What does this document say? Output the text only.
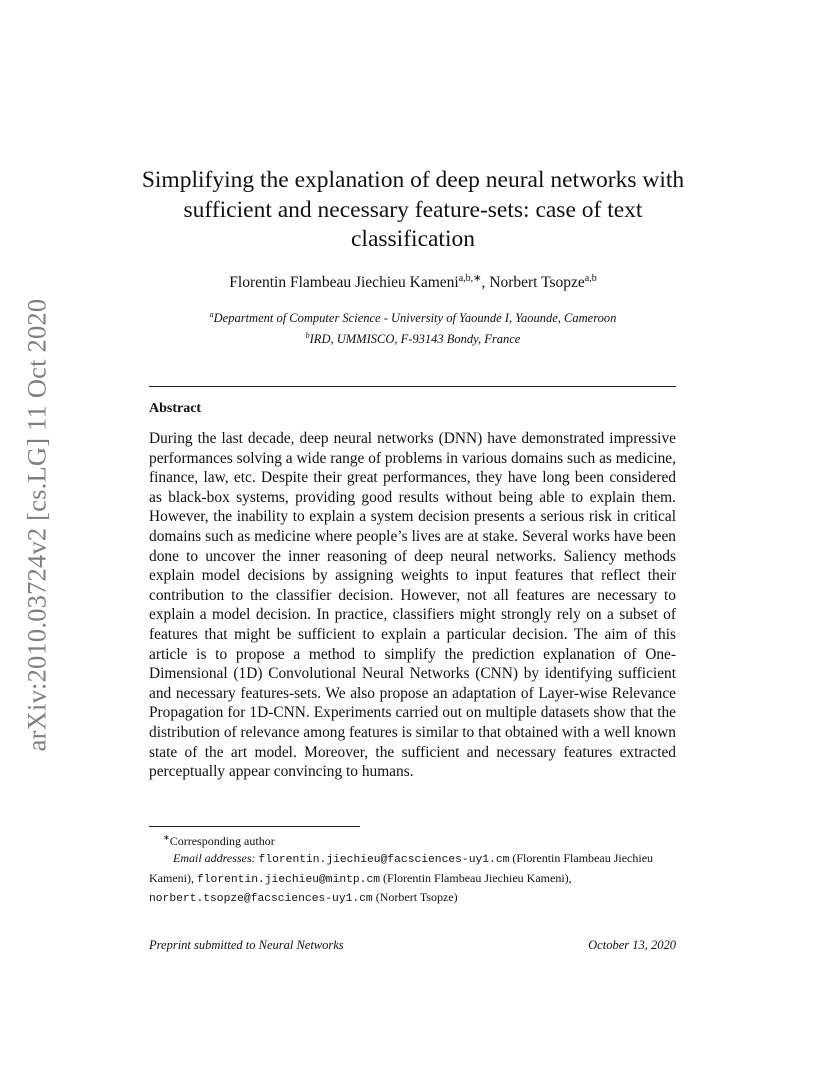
arXiv:2010.03724v2 [cs.LG] 11 Oct 2020
Simplifying the explanation of deep neural networks with sufficient and necessary feature-sets: case of text classification
Florentin Flambeau Jiechieu Kameni$^{a,b,∗}$, Norbert Tsopze$^{a,b}$
$^a$Department of Computer Science - University of Yaounde I, Yaounde, Cameroon
$^b$IRD, UMMISCO, F-93143 Bondy, France
Abstract

During the last decade, deep neural networks (DNN) have demonstrated impressive performances solving a wide range of problems in various domains such as medicine, finance, law, etc. Despite their great performances, they have long been considered as black-box systems, providing good results without being able to explain them. However, the inability to explain a system decision presents a serious risk in critical domains such as medicine where people’s lives are at stake. Several works have been done to uncover the inner reasoning of deep neural networks. Saliency methods explain model decisions by assigning weights to input features that reflect their contribution to the classifier decision. However, not all features are necessary to explain a model decision. In practice, classifiers might strongly rely on a subset of features that might be sufficient to explain a particular decision. The aim of this article is to propose a method to simplify the prediction explanation of One-Dimensional (1D) Convolutional Neural Networks (CNN) by identifying sufficient and necessary features-sets. We also propose an adaptation of Layer-wise Relevance Propagation for 1D-CNN. Experiments carried out on multiple datasets show that the distribution of relevance among features is similar to that obtained with a well known state of the art model. Moreover, the sufficient and necessary features extracted perceptually appear convincing to humans.

∗Corresponding author
Email addresses: florentin.jiechieu@facsciences-uy1.cm (Florentin Flambeau Jiechieu Kameni), florentin.jiechieu@mintp.cm (Florentin Flambeau Jiechieu Kameni), norbert.tsopze@facsciences-uy1.cm (Norbert Tsopze)
Preprint submitted to Neural Networks	October 13, 2020
